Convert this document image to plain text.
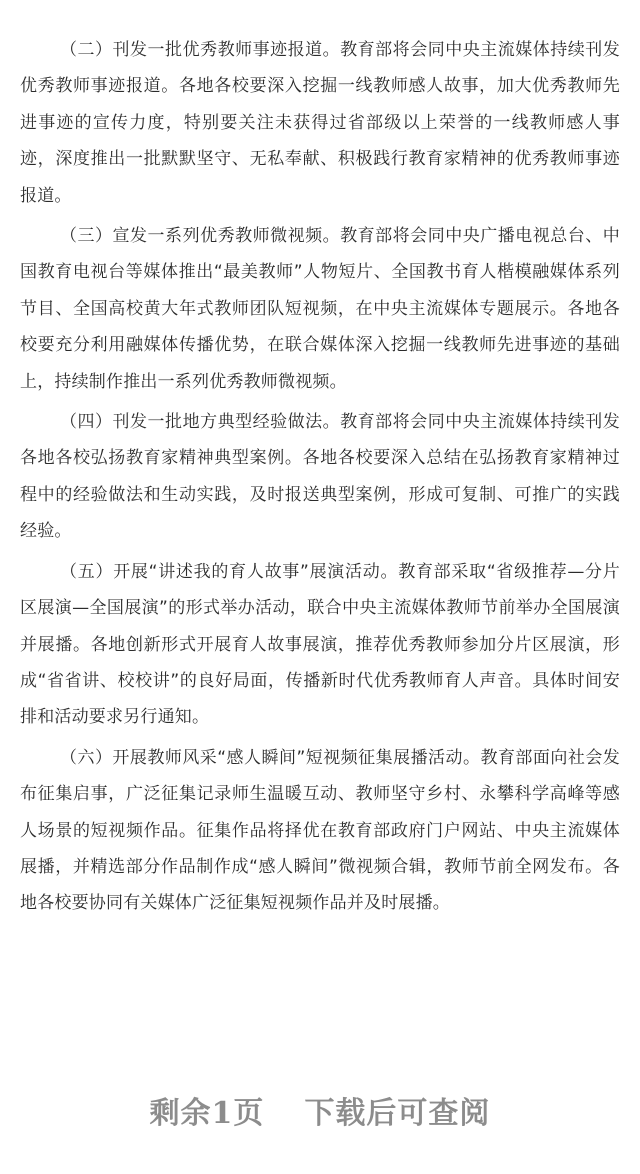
（二）刊发一批优秀教师事迹报道。教育部将会同中央主流媒体持续刊发优秀教师事迹报道。各地各校要深入挖掘一线教师感人故事，加大优秀教师先进事迹的宣传力度，特别要关注未获得过省部级以上荣誉的一线教师感人事迹，深度推出一批默默坚守、无私奉献、积极践行教育家精神的优秀教师事迹报道。

（三）宣发一系列优秀教师微视频。教育部将会同中央广播电视总台、中国教育电视台等媒体推出“最美教师”人物短片、全国教书育人楷模融媒体系列节目、全国高校黄大年式教师团队短视频，在中央主流媒体专题展示。各地各校要充分利用融媒体传播优势，在联合媒体深入挖掘一线教师先进事迹的基础上，持续制作推出一系列优秀教师微视频。

（四）刊发一批地方典型经验做法。教育部将会同中央主流媒体持续刊发各地各校弘扬教育家精神典型案例。各地各校要深入总结在弘扬教育家精神过程中的经验做法和生动实践，及时报送典型案例，形成可复制、可推广的实践经验。

（五）开展“讲述我的育人故事”展演活动。教育部采取“省级推荐—分片区展演—全国展演”的形式举办活动，联合中央主流媒体教师节前举办全国展演并展播。各地创新形式开展育人故事展演，推荐优秀教师参加分片区展演，形成“省省讲、校校讲”的良好局面，传播新时代优秀教师育人声音。具体时间安排和活动要求另行通知。

（六）开展教师风采“感人瞬间”短视频征集展播活动。教育部面向社会发布征集启事，广泛征集记录师生温暖互动、教师坚守乡村、永攀科学高峰等感人场景的短视频作品。征集作品将择优在教育部政府门户网站、中央主流媒体展播，并精选部分作品制作成“感人瞬间”微视频合辑，教师节前全网发布。各地各校要协同有关媒体广泛征集短视频作品并及时展播。

剩余1页 下载后可查阅
